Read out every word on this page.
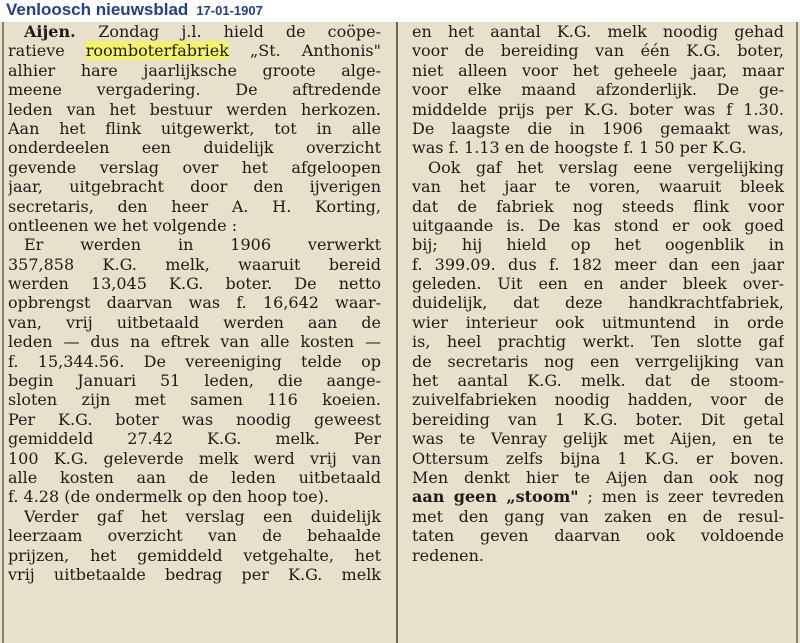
Venloosch nieuwsblad 17-01-1907
Aijen. Zondag j.l. hield de coöpe-
ratieve roomboterfabriek „St. Anthonis"
alhier hare jaarlijksche groote alge-
meene vergadering. De aftredende
leden van het bestuur werden herkozen.
Aan het flink uitgewerkt, tot in alle
onderdeelen een duidelijk overzicht
gevende verslag over het afgeloopen
jaar, uitgebracht door den ijverigen
secretaris, den heer A. H. Korting,
ontleenen we het volgende :
Er werden in 1906 verwerkt
357,858 K.G. melk, waaruit bereid
werden 13,045 K.G. boter. De netto
opbrengst daarvan was f. 16,642 waar-
van, vrij uitbetaald werden aan de
leden — dus na eftrek van alle kosten —
f. 15,344.56. De vereeniging telde op
begin Januari 51 leden, die aange-
sloten zijn met samen 116 koeien.
Per K.G. boter was noodig geweest
gemiddeld 27.42 K.G. melk. Per
100 K.G. geleverde melk werd vrij van
alle kosten aan de leden uitbetaald
f. 4.28 (de ondermelk op den hoop toe).
Verder gaf het verslag een duidelijk
leerzaam overzicht van de behaalde
prijzen, het gemiddeld vetgehalte, het
vrij uitbetaalde bedrag per K.G. melk
en het aantal K.G. melk noodig gehad
voor de bereiding van één K.G. boter,
niet alleen voor het geheele jaar, maar
voor elke maand afzonderlijk. De ge-
middelde prijs per K.G. boter was f 1.30.
De laagste die in 1906 gemaakt was,
was f. 1.13 en de hoogste f. 1 50 per K.G.
Ook gaf het verslag eene vergelijking
van het jaar te voren, waaruit bleek
dat de fabriek nog steeds flink voor
uitgaande is. De kas stond er ook goed
bij; hij hield op het oogenblik in
f. 399.09. dus f. 182 meer dan een jaar
geleden. Uit een en ander bleek over-
duidelijk, dat deze handkrachtfabriek,
wier interieur ook uitmuntend in orde
is, heel prachtig werkt. Ten slotte gaf
de secretaris nog een verrgelijking van
het aantal K.G. melk. dat de stoom-
zuivelfabrieken noodig hadden, voor de
bereiding van 1 K.G. boter. Dit getal
was te Venray gelijk met Aijen, en te
Ottersum zelfs bijna 1 K.G. er boven.
Men denkt hier te Aijen dan ook nog
aan geen „stoom" ; men is zeer tevreden
met den gang van zaken en de resul-
taten geven daarvan ook voldoende
redenen.
